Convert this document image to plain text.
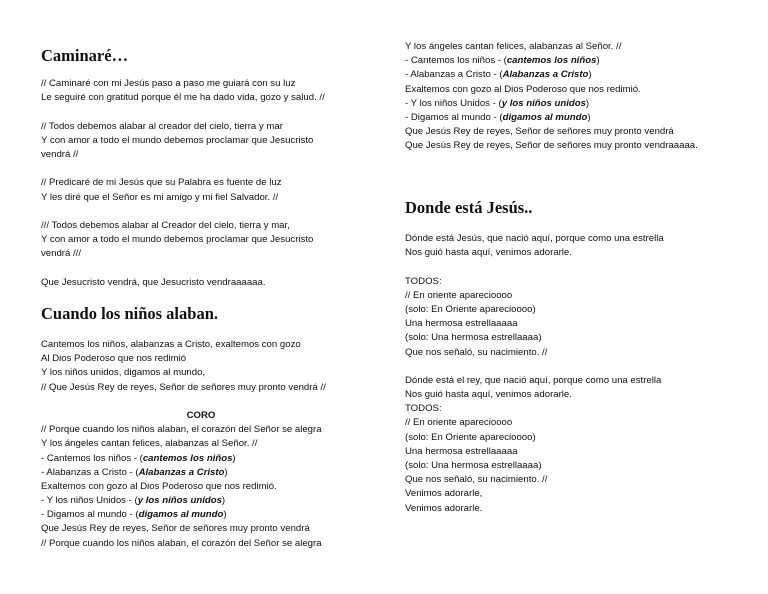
Caminaré…
// Caminaré con mi Jesús paso a paso me guiará con su luz
Le seguiré con gratitud porque él me ha dado vida, gozo y salud. //
// Todos debemos alabar al creador del cielo, tierra y mar
Y con amor a todo el mundo debemos proclamar que Jesucristo
vendrá //
// Predicaré de mi Jesús que su Palabra es fuente de luz
Y les diré que el Señor es mi amigo y mi fiel Salvador. //
/// Todos debemos alabar al Creador del cielo, tierra y mar,
Y con amor a todo el mundo debemos proclamar que Jesucristo
vendrá ///
Que Jesucristo vendrá, que Jesucristo vendraaaaaa.
Cuando los niños alaban.
Cantemos los niños, alabanzas a Cristo, exaltemos con gozo
Al Dios Poderoso que nos redimió
Y los niños unidos, digamos al mundo,
// Que Jesús Rey de reyes, Señor de señores muy pronto vendrá //
CORO
// Porque cuando los niños alaban, el corazón del Señor se alegra
Y los ángeles cantan felices, alabanzas al Señor. //
- Cantemos los niños - (cantemos los niños)
- Alabanzas a Cristo - (Alabanzas a Cristo)
Exaltemos con gozo al Dios Poderoso que nos redimió.
- Y los niños Unidos - (y los niños unidos)
- Digamos al mundo - (digamos al mundo)
Que Jesús Rey de reyes, Señor de señores muy pronto vendrá
// Porque cuando los niños alaban, el corazón del Señor se alegra
Y los ángeles cantan felices, alabanzas al Señor. //
- Cantemos los niños - (cantemos los niños)
- Alabanzas a Cristo - (Alabanzas a Cristo)
Exaltemos con gozo al Dios Poderoso que nos redimió.
- Y los niños Unidos - (y los niños unidos)
- Digamos al mundo - (digamos al mundo)
Que Jesús Rey de reyes, Señor de señores muy pronto vendrá
Que Jesús Rey de reyes, Señor de señores muy pronto vendraaaaa.
Donde está Jesús..
Dónde está Jesús, que nació aquí, porque como una estrella
Nos guió hasta aquí, venimos adorarle.
TODOS:
// En oriente aparecioooo
(solo: En Oriente aparecioooo)
Una hermosa estrellaaaaa
(solo: Una hermosa estrellaaaa)
Que nos señaló, su nacimiento. //
Dónde está el rey, que nació aquí, porque como una estrella
Nos guió hasta aquí, venimos adorarle.
TODOS:
// En oriente aparecioooo
(solo: En Oriente aparecioooo)
Una hermosa estrellaaaaa
(solo: Una hermosa estrellaaaa)
Que nos señaló, su nacimiento. //
Venimos adorarle,
Venimos adorarle.
